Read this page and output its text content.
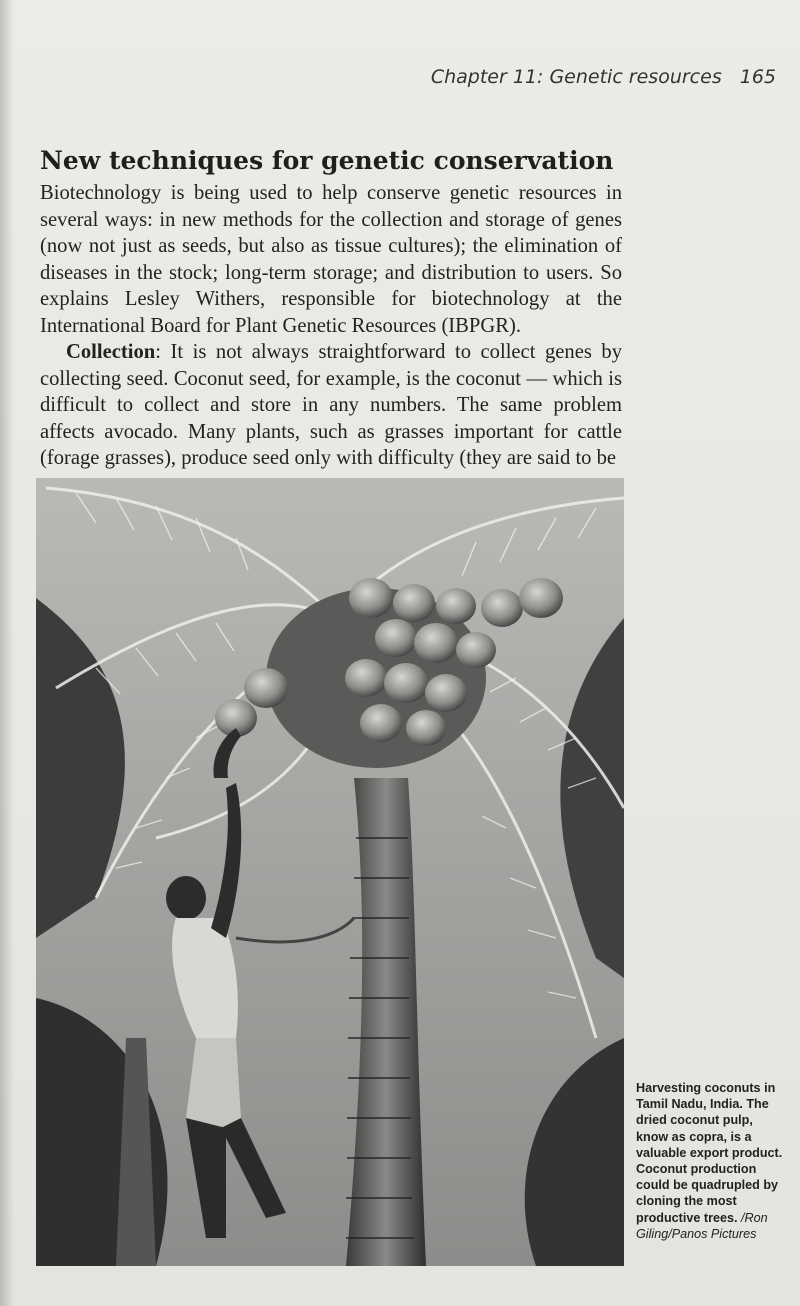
Chapter 11: Genetic resources 165
New techniques for genetic conservation

Biotechnology is being used to help conserve genetic resources in several ways: in new methods for the collection and storage of genes (now not just as seeds, but also as tissue cultures); the elimination of diseases in the stock; long-term storage; and distribution to users. So explains Lesley Withers, responsible for biotechnology at the International Board for Plant Genetic Resources (IBPGR).

Collection: It is not always straightforward to collect genes by collecting seed. Coconut seed, for example, is the coconut — which is difficult to collect and store in any numbers. The same problem affects avocado. Many plants, such as grasses important for cattle (forage grasses), produce seed only with difficulty (they are said to be

Harvesting coconuts in Tamil Nadu, India. The dried coconut pulp, know as copra, is a valuable export product. Coconut production could be quadrupled by cloning the most productive trees. /Ron Giling/Panos Pictures
